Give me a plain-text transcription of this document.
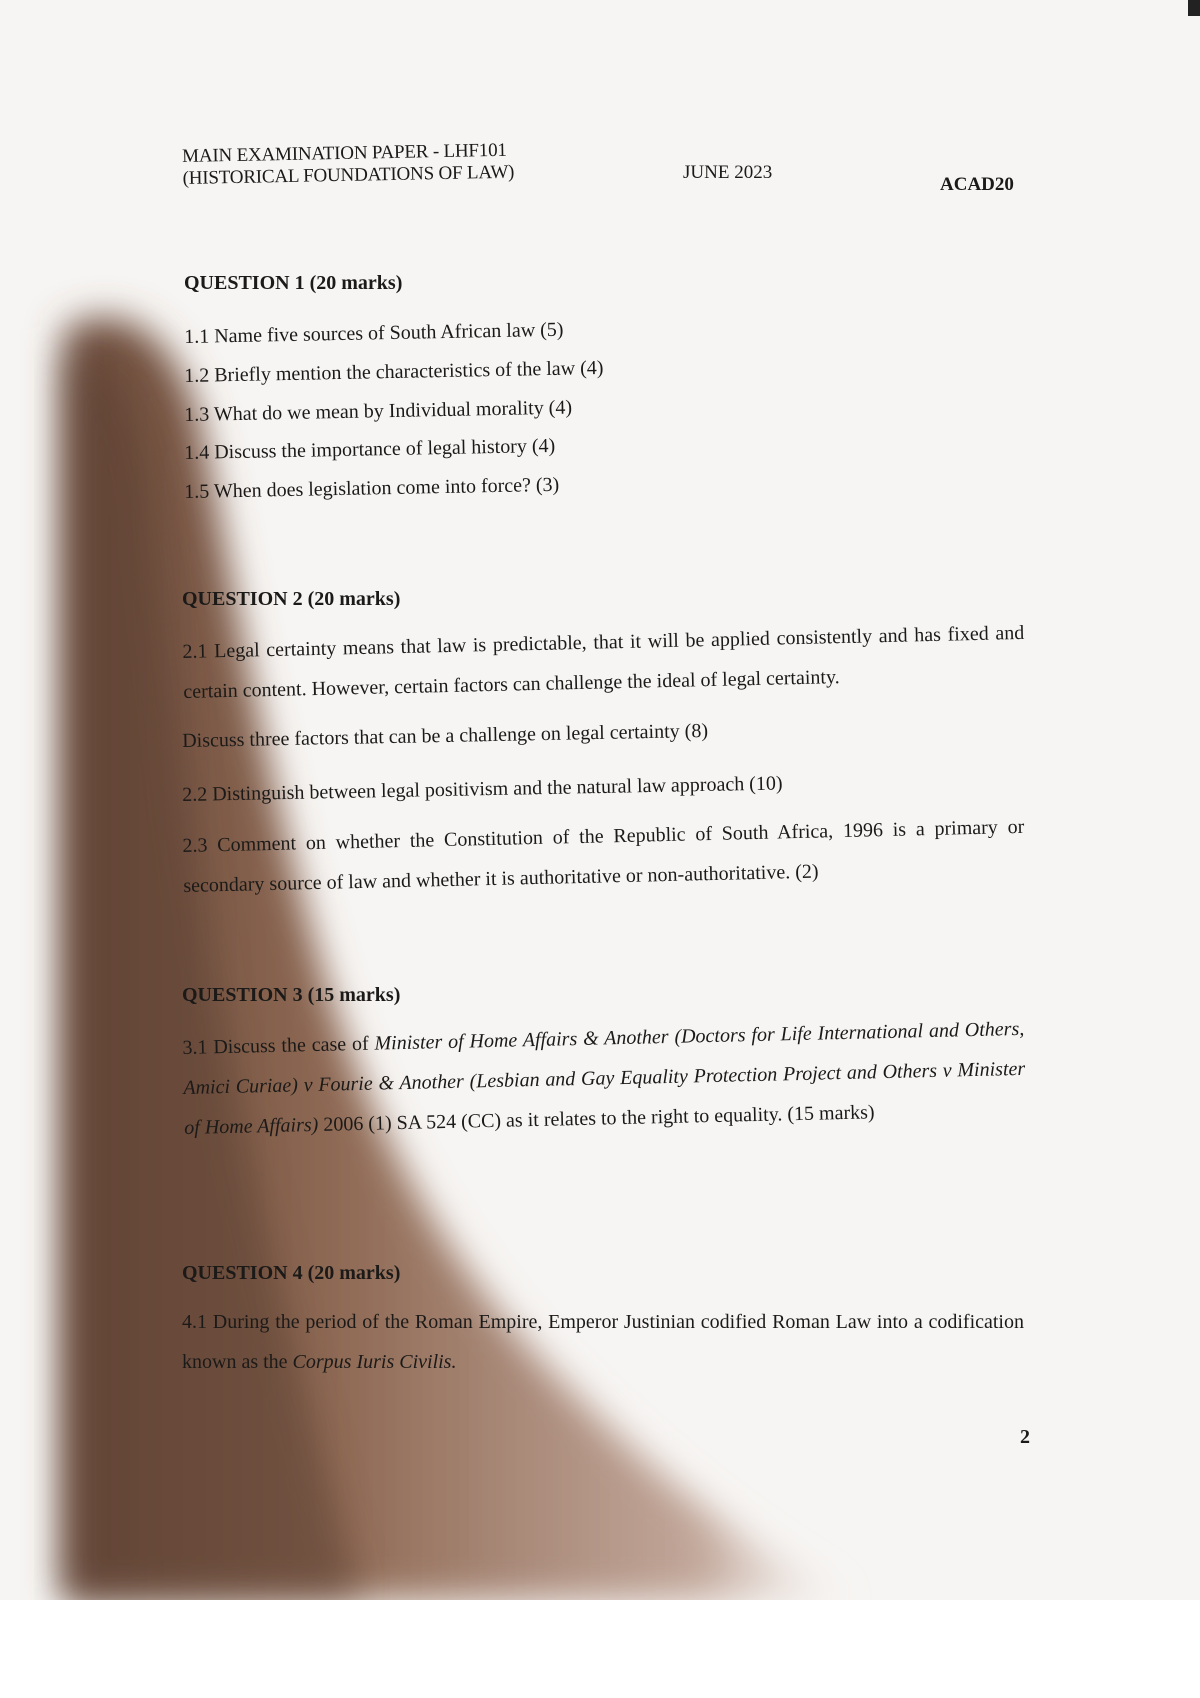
MAIN EXAMINATION PAPER - LHF101
(HISTORICAL FOUNDATIONS OF LAW)	JUNE 2023
ACAD20
QUESTION 1 (20 marks)
1.1 Name five sources of South African law (5)
1.2 Briefly mention the characteristics of the law (4)
1.3 What do we mean by Individual morality (4)
1.4 Discuss the importance of legal history (4)
1.5 When does legislation come into force? (3)
QUESTION 2 (20 marks)
2.1 Legal certainty means that law is predictable, that it will be applied consistently and has fixed and certain content. However, certain factors can challenge the ideal of legal certainty.
Discuss three factors that can be a challenge on legal certainty (8)
2.2 Distinguish between legal positivism and the natural law approach (10)
2.3 Comment on whether the Constitution of the Republic of South Africa, 1996 is a primary or secondary source of law and whether it is authoritative or non-authoritative. (2)
QUESTION 3 (15 marks)
3.1 Discuss the case of Minister of Home Affairs & Another (Doctors for Life International and Others, Amici Curiae) v Fourie & Another (Lesbian and Gay Equality Protection Project and Others v Minister of Home Affairs) 2006 (1) SA 524 (CC) as it relates to the right to equality. (15 marks)
QUESTION 4 (20 marks)
4.1 During the period of the Roman Empire, Emperor Justinian codified Roman Law into a codification known as the Corpus Iuris Civilis.
2
